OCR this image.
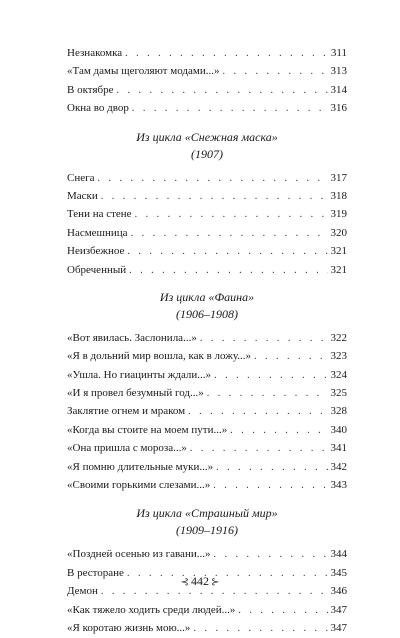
Незнакомка . . .	311
«Там дамы щеголяют модами...» . . .	313
В октябре . . .	314
Окна во двор . . .	316
Из цикла «Снежная маска»
(1907)
Снега . . .	317
Маски . . .	318
Тени на стене . . .	319
Насмешница . . .	320
Неизбежное . . .	321
Обреченный . . .	321
Из цикла «Фаина»
(1906–1908)
«Вот явилась. Заслонила...» . . .	322
«Я в дольний мир вошла, как в ложу...» . . .	323
«Ушла. Но гиацинты ждали...» . . .	324
«И я провел безумный год...» . . .	325
Заклятие огнем и мраком . . .	328
«Когда вы стоите на моем пути...» . . .	340
«Она пришла с мороза...» . . .	341
«Я помню длительные муки...» . . .	342
«Своими горькими слезами...» . . .	343
Из цикла «Страшный мир»
(1909–1916)
«Поздней осенью из гавани...» . . .	344
В ресторане . . .	345
Демон . . .	346
«Как тяжело ходить среди людей...» . . .	347
«Я коротаю жизнь мою...» . . .	347
⊰ 442 ⊱
